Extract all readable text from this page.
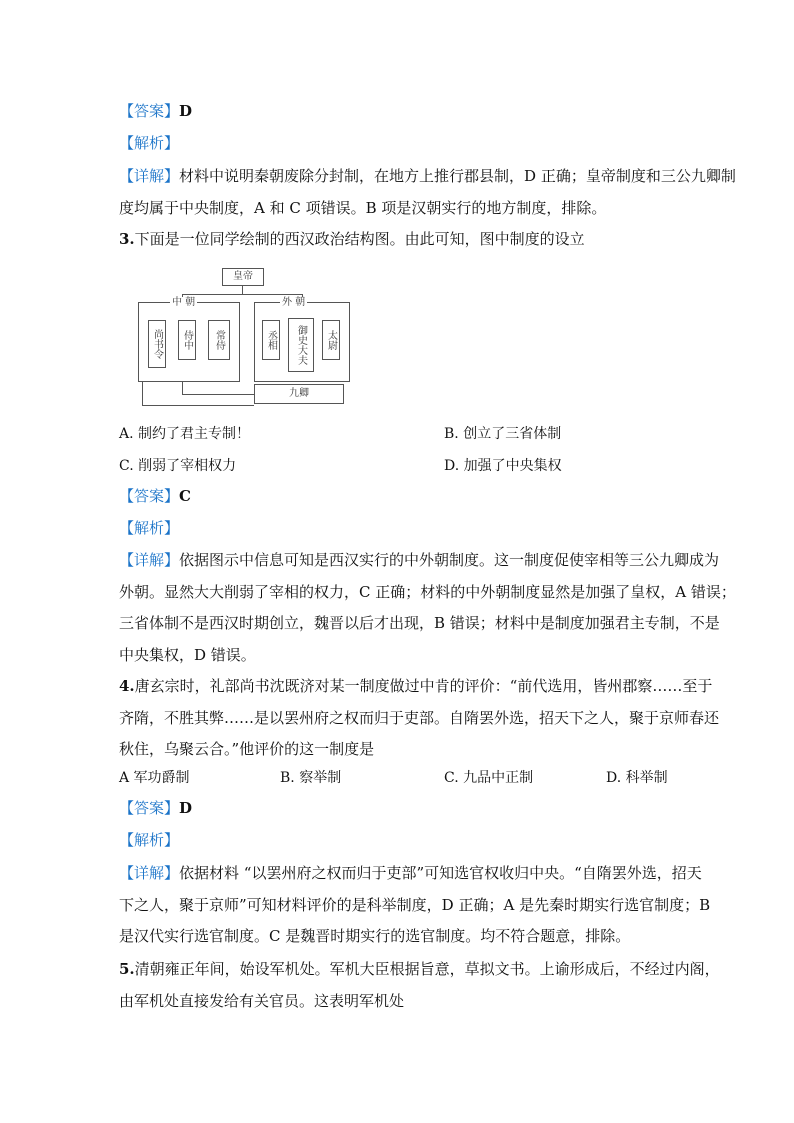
【答案】D
【解析】
【详解】材料中说明秦朝废除分封制，在地方上推行郡县制，D 正确；皇帝制度和三公九卿制
度均属于中央制度，A 和 C 项错误。B 项是汉朝实行的地方制度，排除。
3.下面是一位同学绘制的西汉政治结构图。由此可知，图中制度的设立
皇帝
中 朝
尚书令	侍中	常侍
外 朝
丞相	御史大夫	太尉
九卿
A. 制约了君主专制！	B. 创立了三省体制
C. 削弱了宰相权力	D. 加强了中央集权
【答案】C
【解析】
【详解】依据图示中信息可知是西汉实行的中外朝制度。这一制度促使宰相等三公九卿成为
外朝。显然大大削弱了宰相的权力，C 正确；材料的中外朝制度显然是加强了皇权，A 错误；
三省体制不是西汉时期创立，魏晋以后才出现，B 错误；材料中是制度加强君主专制，不是
中央集权，D 错误。
4.唐玄宗时，礼部尚书沈既济对某一制度做过中肯的评价：“前代选用，皆州郡察……至于
齐隋，不胜其弊……是以罢州府之权而归于吏部。自隋罢外选，招天下之人，聚于京师春还
秋住，乌聚云合。”他评价的这一制度是
A 军功爵制	B. 察举制	C. 九品中正制	D. 科举制
【答案】D
【解析】
【详解】依据材料 “以罢州府之权而归于吏部”可知选官权收归中央。“自隋罢外选，招天
下之人，聚于京师”可知材料评价的是科举制度，D 正确；A 是先秦时期实行选官制度；B
是汉代实行选官制度。C 是魏晋时期实行的选官制度。均不符合题意，排除。
5.清朝雍正年间，始设军机处。军机大臣根据旨意，草拟文书。上谕形成后，不经过内阁，
由军机处直接发给有关官员。这表明军机处
